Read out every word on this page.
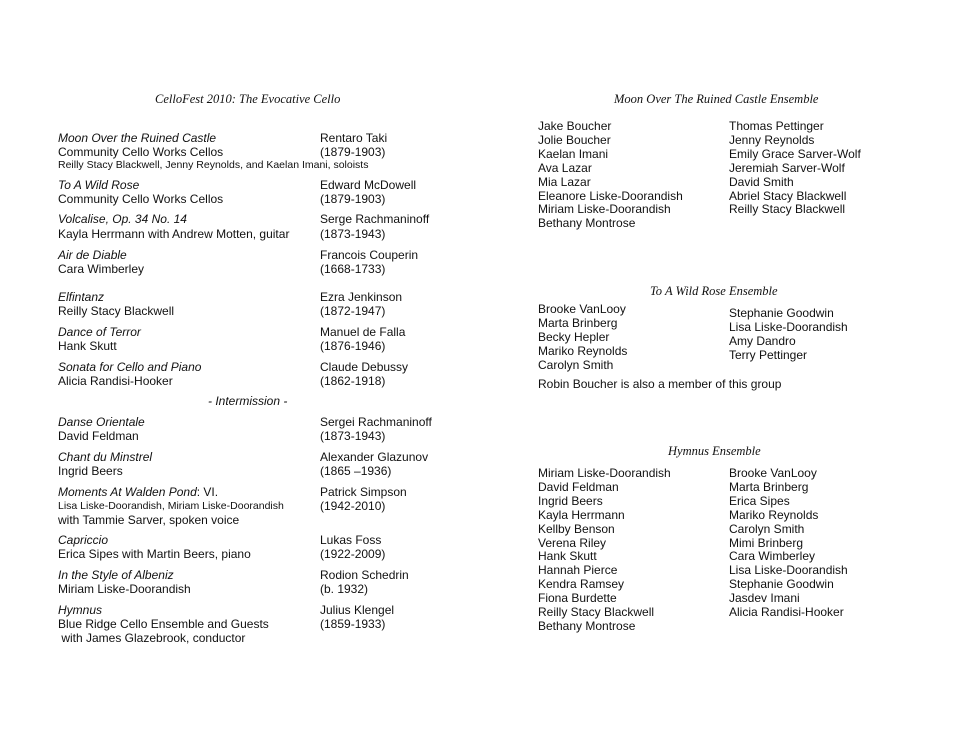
CelloFest 2010: The Evocative Cello
Moon Over the Ruined Castle
Community Cello Works Cellos
Reilly Stacy Blackwell, Jenny Reynolds, and Kaelan Imani, soloists
Rentaro Taki
(1879-1903)
To A Wild Rose
Community Cello Works Cellos
Edward McDowell
(1879-1903)
Volcalise, Op. 34 No. 14
Kayla Herrmann with Andrew Motten, guitar
Serge Rachmaninoff
(1873-1943)
Air de Diable
Cara Wimberley
Francois Couperin
(1668-1733)
Elfintanz
Reilly Stacy Blackwell
Ezra Jenkinson
(1872-1947)
Dance of Terror
Hank Skutt
Manuel de Falla
(1876-1946)
Sonata for Cello and Piano
Alicia Randisi-Hooker
Claude Debussy
(1862-1918)
- Intermission -
Danse Orientale
David Feldman
Sergei Rachmaninoff
(1873-1943)
Chant du Minstrel
Ingrid Beers
Alexander Glazunov
(1865 –1936)
Moments At Walden Pond: VI.
Lisa Liske-Doorandish, Miriam Liske-Doorandish
with Tammie Sarver, spoken voice
Patrick Simpson
(1942-2010)
Capriccio
Erica Sipes with Martin Beers, piano
Lukas Foss
(1922-2009)
In the Style of Albeniz
Miriam Liske-Doorandish
Rodion Schedrin
(b. 1932)
Hymnus
Blue Ridge Cello Ensemble and Guests
with James Glazebrook, conductor
Julius Klengel
(1859-1933)
Moon Over The Ruined Castle Ensemble
Jake Boucher
Jolie Boucher
Kaelan Imani
Ava Lazar
Mia Lazar
Eleanore Liske-Doorandish
Miriam Liske-Doorandish
Bethany Montrose
Thomas Pettinger
Jenny Reynolds
Emily Grace Sarver-Wolf
Jeremiah Sarver-Wolf
David Smith
Abriel Stacy Blackwell
Reilly Stacy Blackwell
To A Wild Rose Ensemble
Brooke VanLooy
Marta Brinberg
Becky Hepler
Mariko Reynolds
Carolyn Smith
Stephanie Goodwin
Lisa Liske-Doorandish
Amy Dandro
Terry Pettinger
Robin Boucher is also a member of this group
Hymnus Ensemble
Miriam Liske-Doorandish
David Feldman
Ingrid Beers
Kayla Herrmann
Kellby Benson
Verena Riley
Hank Skutt
Hannah Pierce
Kendra Ramsey
Fiona Burdette
Reilly Stacy Blackwell
Bethany Montrose
Brooke VanLooy
Marta Brinberg
Erica Sipes
Mariko Reynolds
Carolyn Smith
Mimi Brinberg
Cara Wimberley
Lisa Liske-Doorandish
Stephanie Goodwin
Jasdev Imani
Alicia Randisi-Hooker
